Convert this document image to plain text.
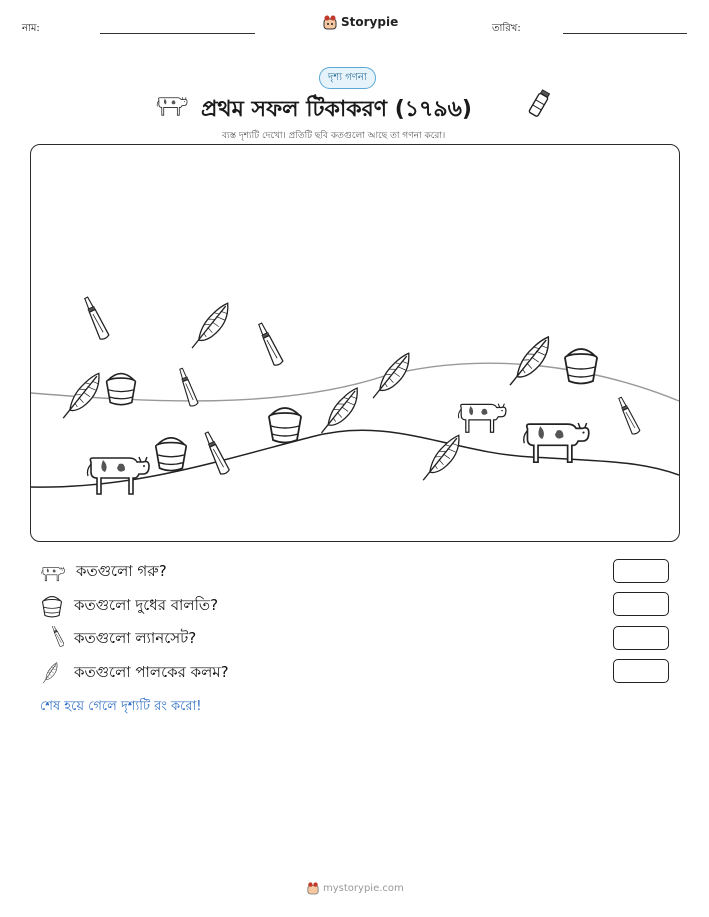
নাম:	Storypie	তারিখ:
দৃশ্য গণনা
প্রথম সফল টিকাকরণ (১৭৯৬)
ব্যস্ত দৃশ্যটি দেখো। প্রতিটি ছবি কতগুলো আছে তা গণনা করো।
কতগুলো গরু?
কতগুলো দুধের বালতি?
কতগুলো ল্যানসেট?
কতগুলো পালকের কলম?
শেষ হয়ে গেলে দৃশ্যটি রং করো!
mystorypie.com
